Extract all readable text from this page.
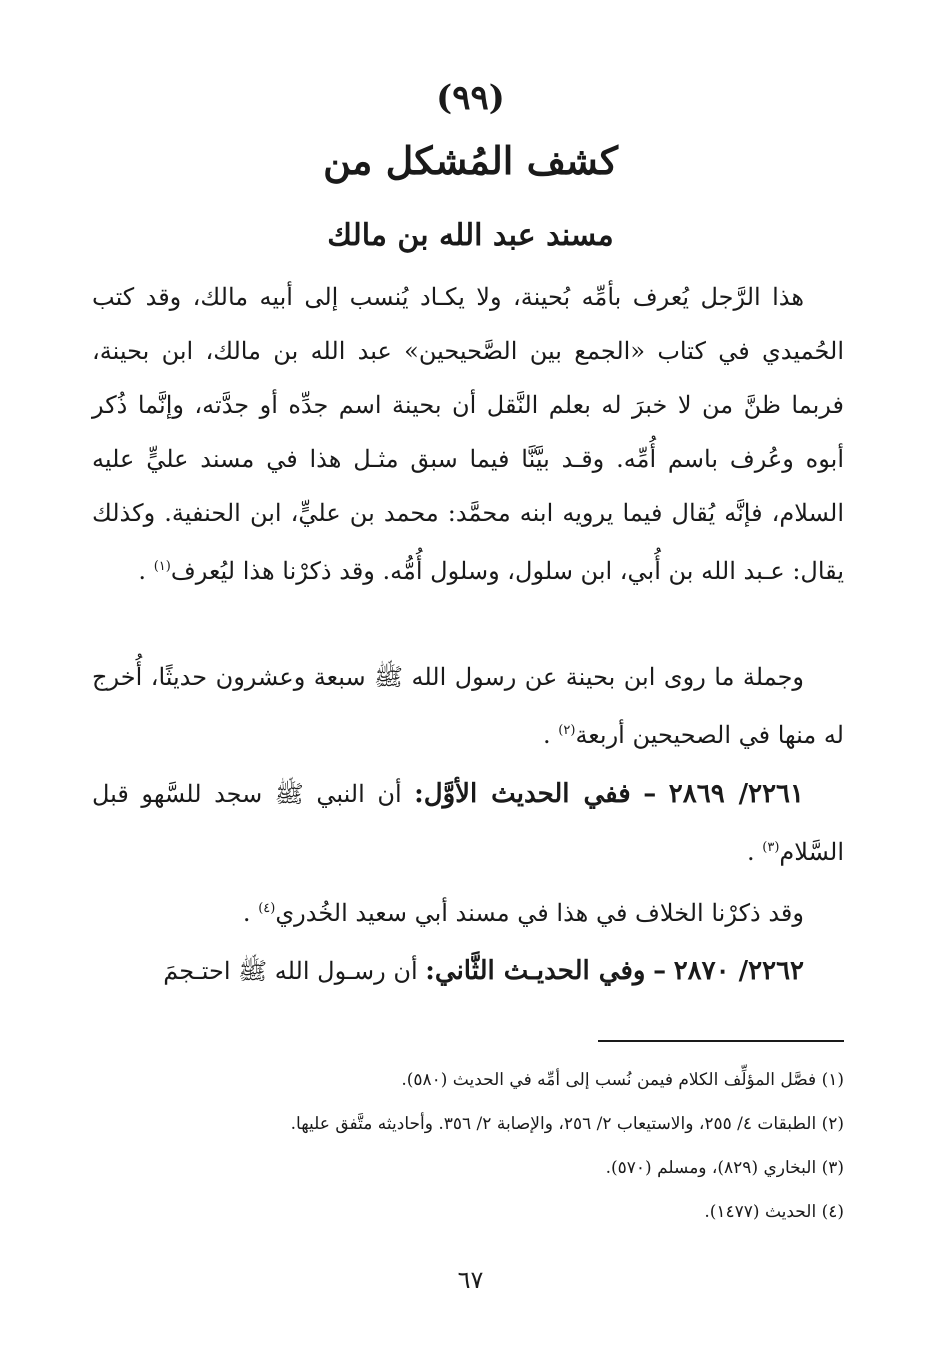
(٩٩)
كشف المُشكل من
مسند عبد الله بن مالك

هذا الرَّجل يُعرف بأمِّه بُحينة، ولا يكـاد يُنسب إلى أبيه مالك، وقد كتب الحُميدي في كتاب «الجمع بين الصَّحيحين» عبد الله بن مالك، ابن بحينة، فربما ظنَّ من لا خبرَ له بعلم النَّقل أن بحينة اسم جدِّه أو جدَّته، وإنَّما ذُكر أبوه وعُرف باسم أُمِّه. وقـد بيَّنَّا فيما سبق مثـل هذا في مسند عليٍّ عليه السلام، فإنَّه يُقال فيما يرويه ابنه محمَّد: محمد بن عليٍّ، ابن الحنفية. وكذلك يقال: عـبد الله بن أُبي، ابن سلول، وسلول أُمُّه. وقد ذكرْنا هذا ليُعرف$^{(١)}$ .

وجملة ما روى ابن بحينة عن رسول الله ﷺ سبعة وعشرون حديثًا، أُخرج له منها في الصحيحين أربعة$^{(٢)}$ .

٢٢٦١/ ٢٨٦٩ – ففي الحديث الأوَّل: أن النبي ﷺ سجد للسَّهو قبل السَّلام$^{(٣)}$ .

وقد ذكرْنا الخلاف في هذا في مسند أبي سعيد الخُدري$^{(٤)}$ .

٢٢٦٢/ ٢٨٧٠ – وفي الحديـث الثَّاني: أن رسـول الله ﷺ احتـجمَ

(١) فصَّل المؤلِّف الكلام فيمن نُسب إلى أمِّه في الحديث (٥٨٠).
(٢) الطبقات ٤/ ٢٥٥، والاستيعاب ٢/ ٢٥٦، والإصابة ٢/ ٣٥٦. وأحاديثه متَّفق عليها.
(٣) البخاري (٨٢٩)، ومسلم (٥٧٠).
(٤) الحديث (١٤٧٧).
٦٧
